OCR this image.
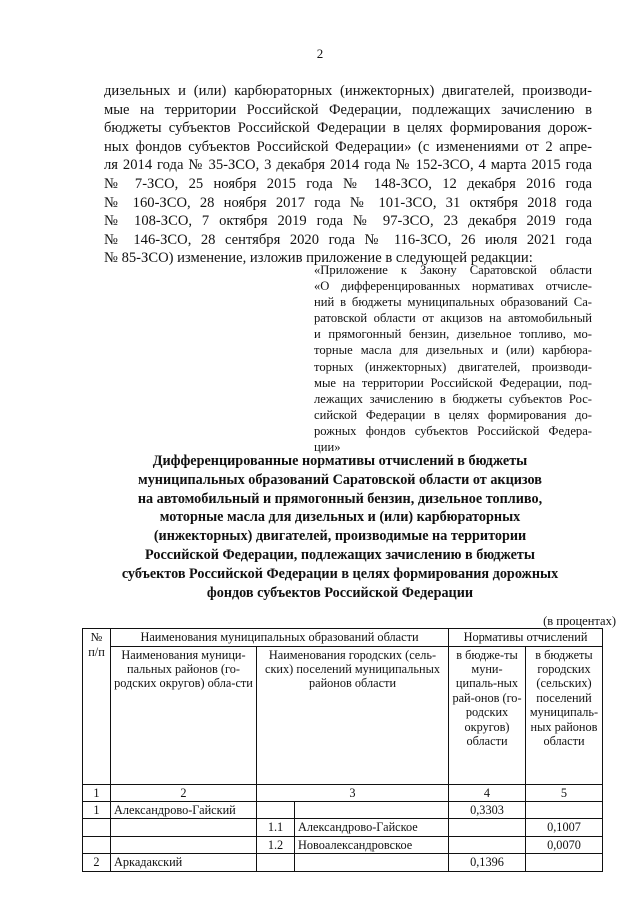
2
дизельных и (или) карбюраторных (инжекторных) двигателей, производи-
мые на территории Российской Федерации, подлежащих зачислению в
бюджеты субъектов Российской Федерации в целях формирования дорож-
ных фондов субъектов Российской Федерации» (с изменениями от 2 апре-
ля 2014 года № 35-ЗСО, 3 декабря 2014 года № 152-ЗСО, 4 марта 2015 года
№ 7-ЗСО, 25 ноября 2015 года № 148-ЗСО, 12 декабря 2016 года
№ 160-ЗСО, 28 ноября 2017 года № 101-ЗСО, 31 октября 2018 года
№ 108-ЗСО, 7 октября 2019 года № 97-ЗСО, 23 декабря 2019 года
№ 146-ЗСО, 28 сентября 2020 года № 116-ЗСО, 26 июля 2021 года
№ 85-ЗСО) изменение, изложив приложение в следующей редакции:
«Приложение к Закону Саратовской области
«О дифференцированных нормативах отчисле-
ний в бюджеты муниципальных образований Са-
ратовской области от акцизов на автомобильный
и прямогонный бензин, дизельное топливо, мо-
торные масла для дизельных и (или) карбюра-
торных (инжекторных) двигателей, производи-
мые на территории Российской Федерации, под-
лежащих зачислению в бюджеты субъектов Рос-
сийской Федерации в целях формирования до-
рожных фондов субъектов Российской Федера-
ции»
Дифференцированные нормативы отчислений в бюджеты
муниципальных образований Саратовской области от акцизов
на автомобильный и прямогонный бензин, дизельное топливо,
моторные масла для дизельных и (или) карбюраторных
(инжекторных) двигателей, производимые на территории
Российской Федерации, подлежащих зачислению в бюджеты
субъектов Российской Федерации в целях формирования дорожных
фондов субъектов Российской Федерации
(в процентах)
№ п/п	Наименования муниципальных образований области			Нормативы отчислений	
	Наименования муници-пальных районов (го-родских округов) обла-сти	Наименования городских (сель-ских) поселений муниципальных районов области		в бюдже-ты муни-ципаль-ных рай-онов (го-родских округов) области	в бюджеты городских (сельских) поселений муниципаль-ных районов области
1	2	3		4	5
1	Александрово-Гайский			0,3303	
		1.1	Александрово-Гайское		0,1007
		1.2	Новоалександровское		0,0070
2	Аркадакский			0,1396	
